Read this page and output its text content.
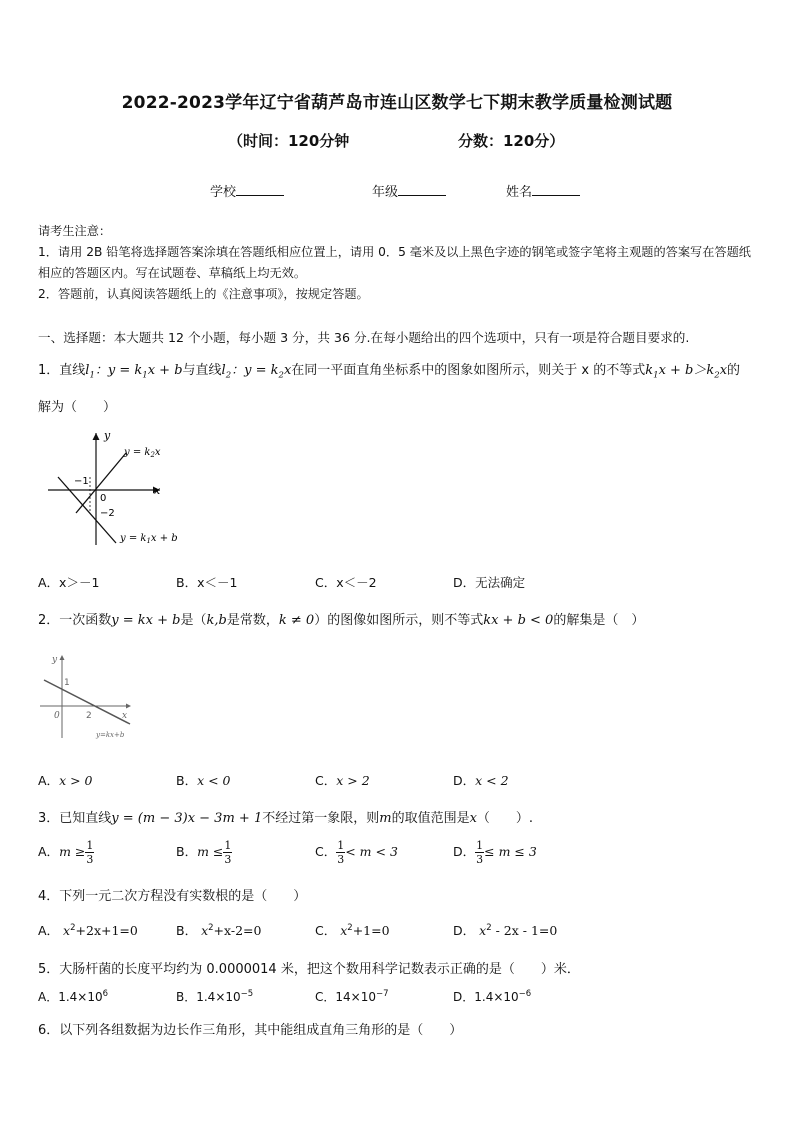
2022-2023学年辽宁省葫芦岛市连山区数学七下期末教学质量检测试题
（时间：120分钟	分数：120分）
学校	年级	姓名
请考生注意：
1．请用 2B 铅笔将选择题答案涂填在答题纸相应位置上，请用 0．5 毫米及以上黑色字迹的钢笔或签字笔将主观题的答案写在答题纸相应的答题区内。写在试题卷、草稿纸上均无效。
2．答题前，认真阅读答题纸上的《注意事项》，按规定答题。
一、选择题：本大题共 12 个小题，每小题 3 分，共 36 分.在每小题给出的四个选项中，只有一项是符合题目要求的.
1．直线$l_1$：$y = k_1x + b$与直线$l_2$：$y = k_2x$在同一平面直角坐标系中的图象如图所示，则关于 x 的不等式$k_1x + b>k_2x$的
解为（　　）
y
x
0
−1
−2
$y = k_2x$
$y = k_1x + b$
A．x＞－1	B．x＜－1	C．x＜－2	D．无法确定
2．一次函数y = kx + b是（k,b是常数，k ≠ 0）的图像如图所示，则不等式kx + b < 0的解集是（　）
y
x
1
0	2
y=kx+b
A．x > 0	B．x < 0	C．x > 2	D．x < 2
3．已知直线y = (m − 3)x − 3m + 1不经过第一象限，则m的取值范围是x（　　）.
A．$m \ge \frac{1}{3}$	B．$m \le \frac{1}{3}$	C． $\frac{1}{3} < m < 3$	D． $\frac{1}{3} \le m \le 3$
4．下列一元二次方程没有实数根的是（　　）
A． $x^2+2x+1=0$	B． $x^2+x-2=0$	C． $x^2+1=0$	D． $x^2 - 2x - 1=0$
5．大肠杆菌的长度平均约为 0.0000014 米，把这个数用科学记数表示正确的是（　　）米．
A．$1.4\times 10^6$	B．$1.4\times 10^{-5}$	C．$14\times 10^{-7}$	D．$1.4\times 10^{-6}$
6．以下列各组数据为边长作三角形，其中能组成直角三角形的是（　　）
